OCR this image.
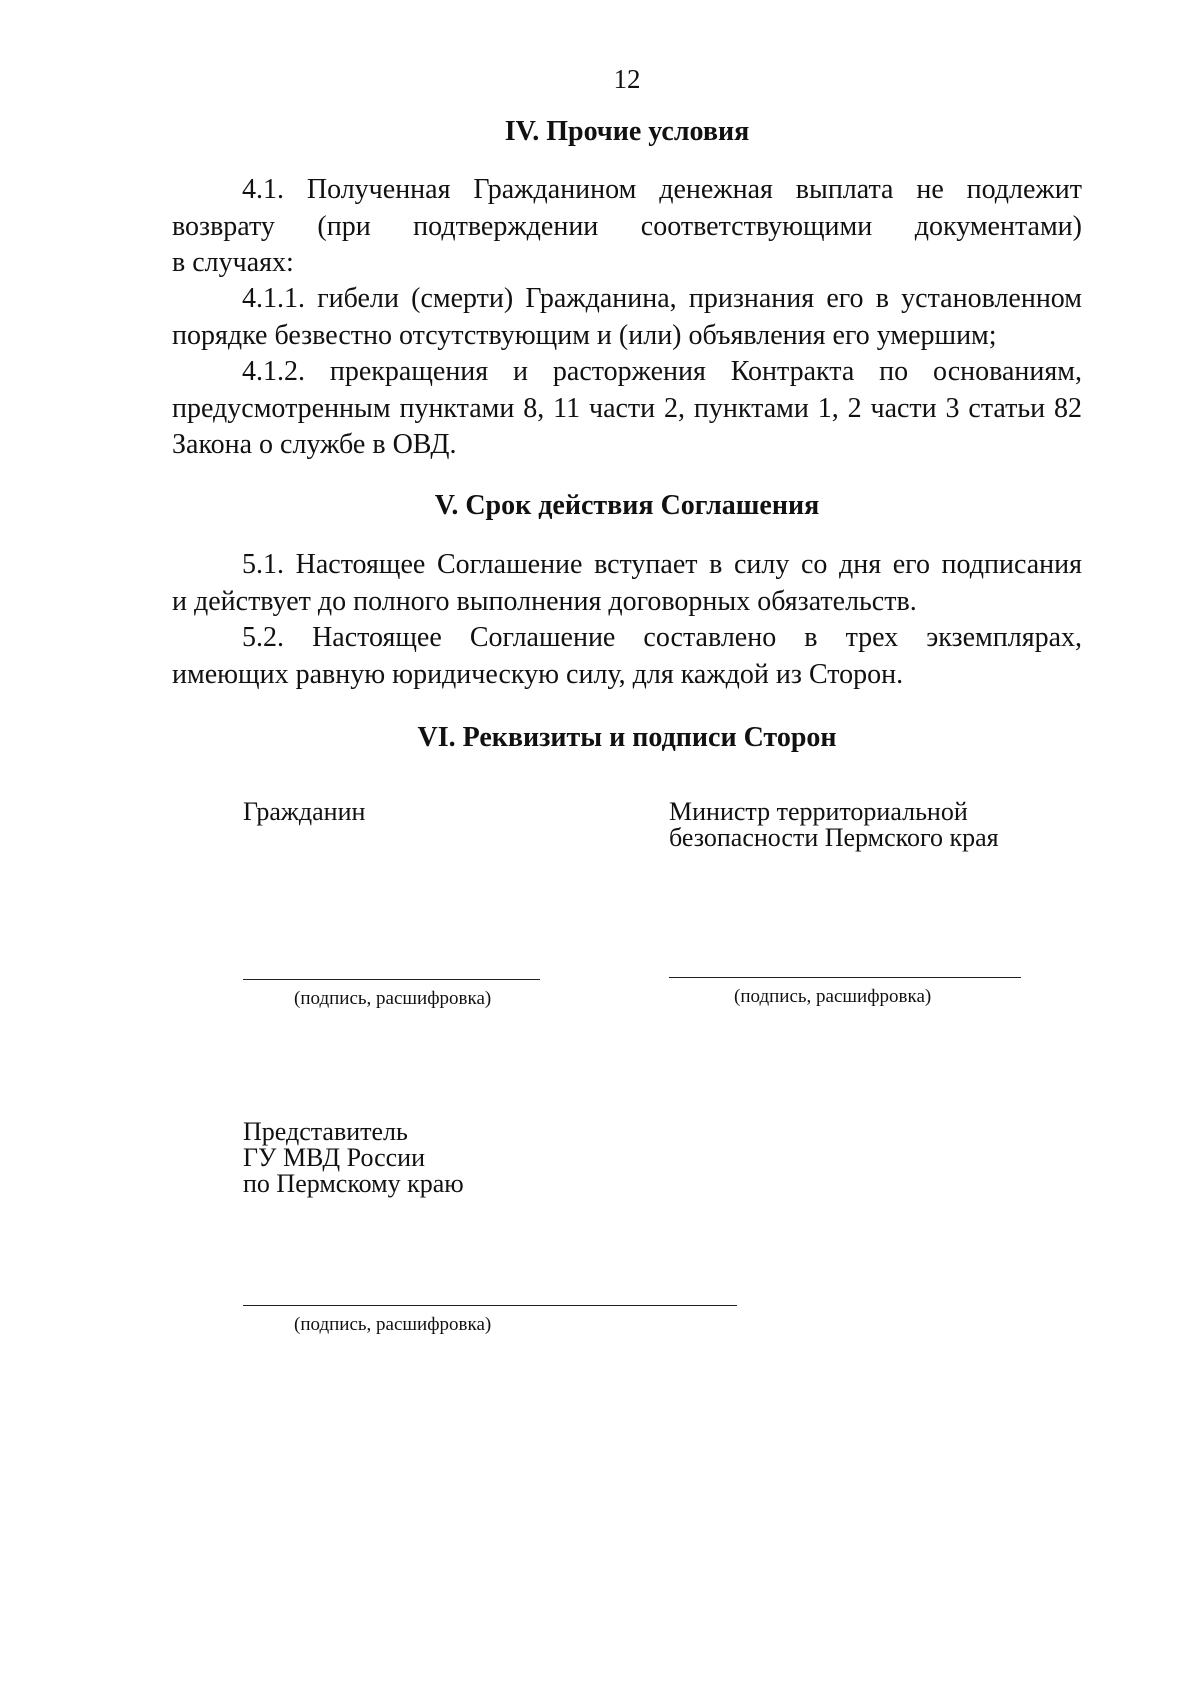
12
IV. Прочие условия
4.1. Полученная Гражданином денежная выплата не подлежит
возврату (при подтверждении соответствующими документами)
в случаях:
4.1.1. гибели (смерти) Гражданина, признания его в установленном
порядке безвестно отсутствующим и (или) объявления его умершим;
4.1.2. прекращения и расторжения Контракта по основаниям,
предусмотренным пунктами 8, 11 части 2, пунктами 1, 2 части 3 статьи 82
Закона о службе в ОВД.
V. Срок действия Соглашения
5.1. Настоящее Соглашение вступает в силу со дня его подписания
и действует до полного выполнения договорных обязательств.
5.2. Настоящее Соглашение составлено в трех экземплярах,
имеющих равную юридическую силу, для каждой из Сторон.
VI. Реквизиты и подписи Сторон
Гражданин
(подпись, расшифровка)
Министр территориальной
безопасности Пермского края
(подпись, расшифровка)
Представитель
ГУ МВД России
по Пермскому краю
(подпись, расшифровка)
